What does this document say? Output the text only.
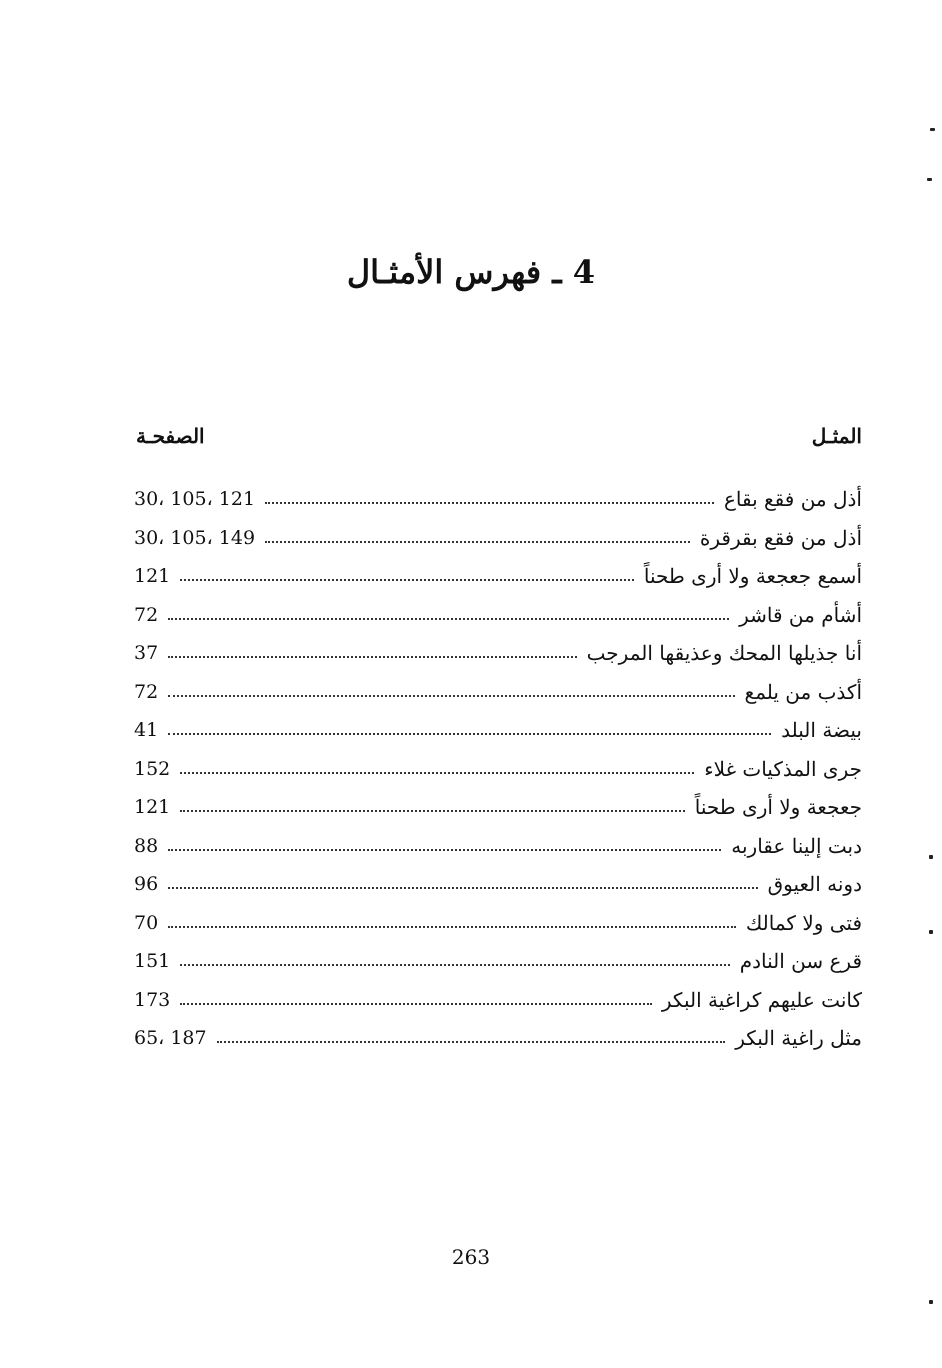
4 ـ فهرس الأمثـال
المثـل
الصفحـة
أذل من فقع بقاع
30، 105، 121
أذل من فقع بقرقرة
30، 105، 149
أسمع جعجعة ولا أرى طحناً
121
أشأم من قاشر
72
أنا جذيلها المحك وعذيقها المرجب
37
أكذب من يلمع
72
بيضة البلد
41
جرى المذكيات غلاء
152
جعجعة ولا أرى طحناً
121
دبت إلينا عقاربه
88
دونه العيوق
96
فتى ولا كمالك
70
قرع سن النادم
151
كانت عليهم كراغية البكر
173
مثل راغية البكر
65، 187
263
